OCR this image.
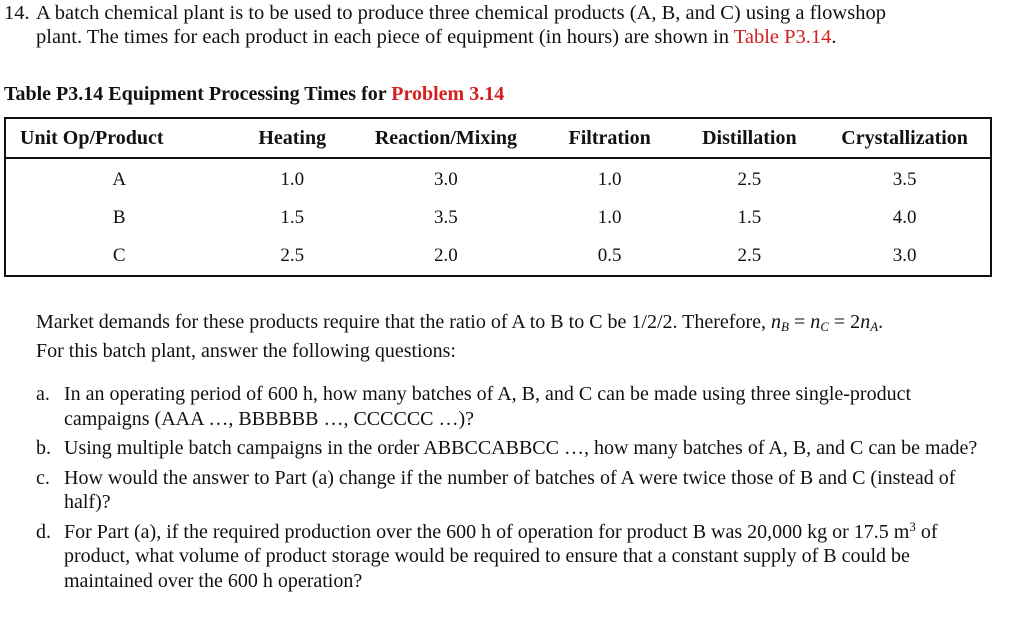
14. A batch chemical plant is to be used to produce three chemical products (A, B, and C) using a flowshop
plant. The times for each product in each piece of equipment (in hours) are shown in Table P3.14.

Table P3.14 Equipment Processing Times for Problem 3.14

Unit Op/Product	Heating	Reaction/Mixing	Filtration	Distillation	Crystallization
A	1.0	3.0	1.0	2.5	3.5
B	1.5	3.5	1.0	1.5	4.0
C	2.5	2.0	0.5	2.5	3.0

Market demands for these products require that the ratio of A to B to C be 1/2/2. Therefore, $n_B = n_C = 2n_A$.
For this batch plant, answer the following questions:

a. In an operating period of 600 h, how many batches of A, B, and C can be made using three single-product campaigns (AAA …, BBBBBB …, CCCCCC …)?
b. Using multiple batch campaigns in the order ABBCCABBCC …, how many batches of A, B, and C can be made?
c. How would the answer to Part (a) change if the number of batches of A were twice those of B and C (instead of half)?
d. For Part (a), if the required production over the 600 h of operation for product B was 20,000 kg or 17.5 $m^3$ of product, what volume of product storage would be required to ensure that a constant supply of B could be maintained over the 600 h operation?
